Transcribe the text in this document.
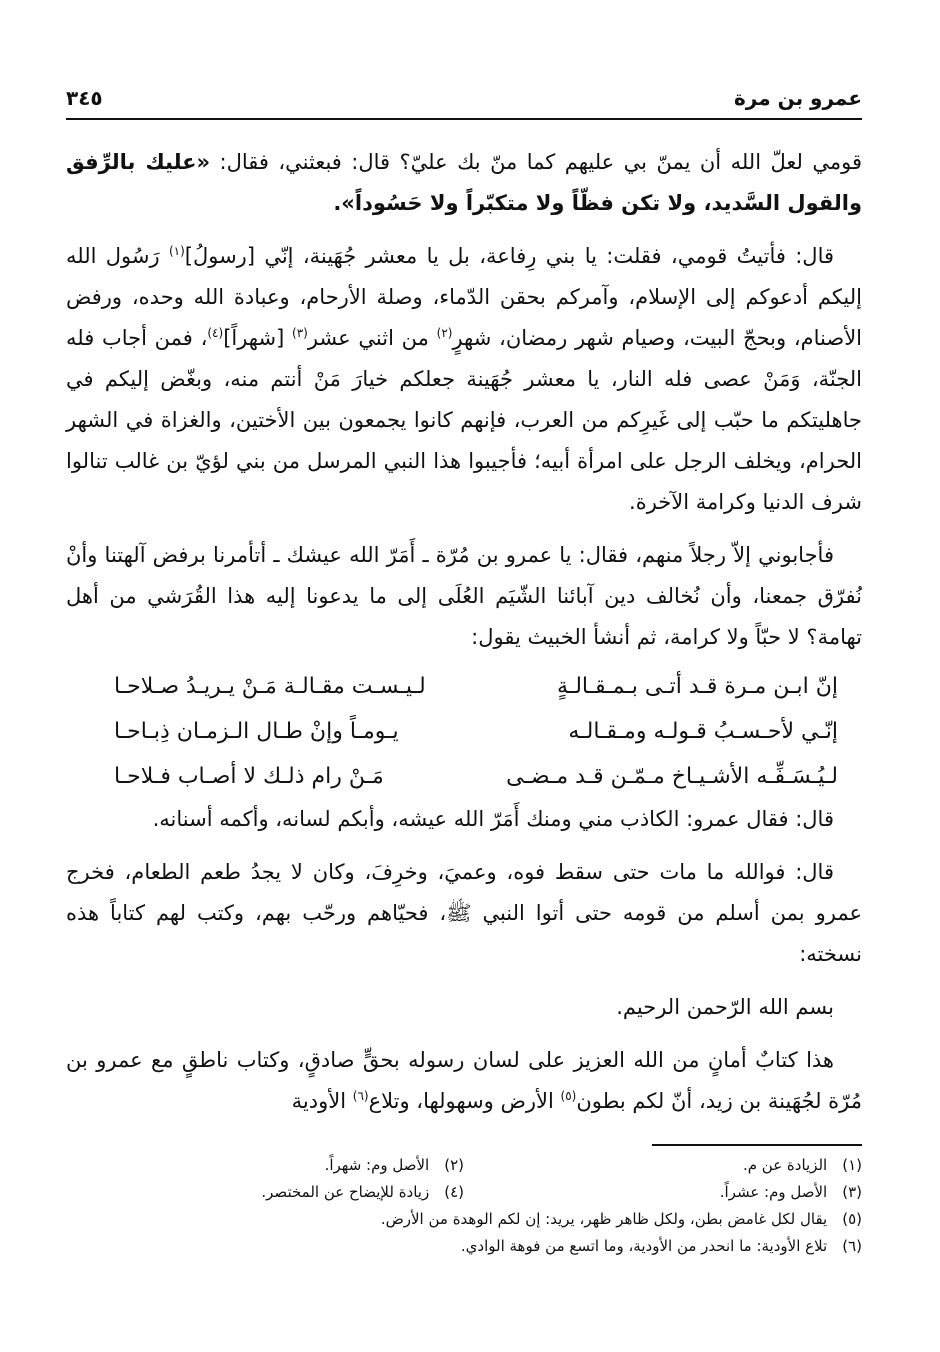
عمرو بن مرة
٣٤٥

قومي لعلّ الله أن يمنّ بي عليهم كما منّ بك عليّ؟ قال: فبعثني، فقال: «عليك بالرِّفق والقول السَّديد، ولا تكن فظّاً ولا متكبّراً ولا حَسُوداً».

قال: فأتيتُ قومي، فقلت: يا بني رِفاعة، بل يا معشر جُهَينة، إنّي [رسولُ]$^{(١)}$ رَسُول الله إليكم أدعوكم إلى الإسلام، وآمركم بحقن الدّماء، وصلة الأرحام، وعبادة الله وحده، ورفض الأصنام، وبحجّ البيت، وصيام شهر رمضان، شهرٍ$^{(٢)}$ من اثني عشر$^{(٣)}$ [شهراً]$^{(٤)}$، فمن أجاب فله الجنّة، وَمَنْ عصى فله النار، يا معشر جُهَينة جعلكم خيارَ مَنْ أنتم منه، وبغّض إليكم في جاهليتكم ما حبّب إلى غَيرِكم من العرب، فإنهم كانوا يجمعون بين الأختين، والغزاة في الشهر الحرام، ويخلف الرجل على امرأة أبيه؛ فأجيبوا هذا النبي المرسل من بني لؤيّ بن غالب تنالوا شرف الدنيا وكرامة الآخرة.

فأجابوني إلاّ رجلاً منهم، فقال: يا عمرو بن مُرّة ـ أَمَرّ الله عيشك ـ أتأمرنا برفض آلهتنا وأنْ نُفرّق جمعنا، وأن نُخالف دين آبائنا الشّيَم العُلَى إلى ما يدعونا إليه هذا القُرَشي من أهل تهامة؟ لا حبّاً ولا كرامة، ثم أنشأ الخبيث يقول:

إنّ ابـن مـرة قـد أتـى بـمـقـالـةٍ
لـيـسـت مقـالـة مَـنْ يـريـدُ صـلاحـا
إنّـي لأحـسـبُ قـولـه ومـقـالـه
يـومـاً وإنْ طـال الـزمـان ذِبـاحـا
لـيُـسَـفِّـه الأشـيـاخ مـمّـن قـد مـضـى
مَـنْ رام ذلـك لا أصـاب فـلاحـا

قال: فقال عمرو: الكاذب مني ومنك أَمَرّ الله عيشه، وأبكم لسانه، وأكمه أسنانه.

قال: فوالله ما مات حتى سقط فوه، وعميَ، وخرِفَ، وكان لا يجدُ طعم الطعام، فخرج عمرو بمن أسلم من قومه حتى أتوا النبي ﷺ، فحيّاهم ورحّب بهم، وكتب لهم كتاباً هذه نسخته:

بسم الله الرّحمن الرحيم.

هذا كتابٌ أمانٍ من الله العزيز على لسان رسوله بحقٍّ صادقٍ، وكتاب ناطقٍ مع عمرو بن مُرّة لجُهَينة بن زيد، أنّ لكم بطون$^{(٥)}$ الأرض وسهولها، وتلاع$^{(٦)}$ الأودية

(١) الزيادة عن م.
(٢) الأصل وم: شهراً.
(٣) الأصل وم: عشراً.
(٤) زيادة للإيضاح عن المختصر.
(٥) يقال لكل غامض بطن، ولكل ظاهر ظهر، يريد: إن لكم الوهدة من الأرض.
(٦) تلاع الأودية: ما انحدر من الأودية، وما اتسع من فوهة الوادي.
